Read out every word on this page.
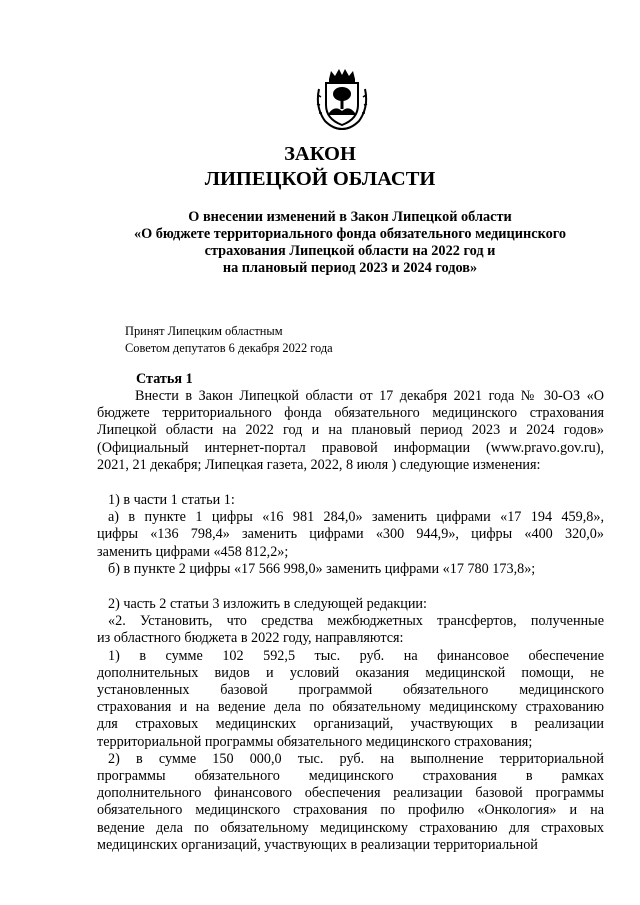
ЗАКОН
ЛИПЕЦКОЙ ОБЛАСТИ
О внесении изменений в Закон Липецкой области
«О бюджете территориального фонда обязательного медицинского
страхования Липецкой области на 2022 год и
на плановый период 2023 и 2024 годов»
Принят Липецким областным
Советом депутатов 6 декабря 2022 года
Статья 1
Внести в Закон Липецкой области от 17 декабря 2021 года № 30-ОЗ «О
бюджете территориального фонда обязательного медицинского страхования
Липецкой области на 2022 год и на плановый период 2023 и 2024 годов»
(Официальный интернет-портал правовой информации (www.pravo.gov.ru),
2021, 21 декабря; Липецкая газета, 2022, 8 июля ) следующие изменения:
1) в части 1 статьи 1:
а) в пункте 1 цифры «16 981 284,0» заменить цифрами «17 194 459,8»,
цифры «136 798,4» заменить цифрами «300 944,9», цифры «400 320,0»
заменить цифрами «458 812,2»;
б) в пункте 2 цифры «17 566 998,0» заменить цифрами «17 780 173,8»;
2) часть 2 статьи 3 изложить в следующей редакции:
«2. Установить, что средства межбюджетных трансфертов, полученные
из областного бюджета в 2022 году, направляются:
1) в сумме 102 592,5 тыс. руб. на финансовое обеспечение
дополнительных видов и условий оказания медицинской помощи, не
установленных базовой программой обязательного медицинского
страхования и на ведение дела по обязательному медицинскому страхованию
для страховых медицинских организаций, участвующих в реализации
территориальной программы обязательного медицинского страхования;
2) в сумме 150 000,0 тыс. руб. на выполнение территориальной
программы обязательного медицинского страхования в рамках
дополнительного финансового обеспечения реализации базовой программы
обязательного медицинского страхования по профилю «Онкология» и на
ведение дела по обязательному медицинскому страхованию для страховых
медицинских организаций, участвующих в реализации территориальной
